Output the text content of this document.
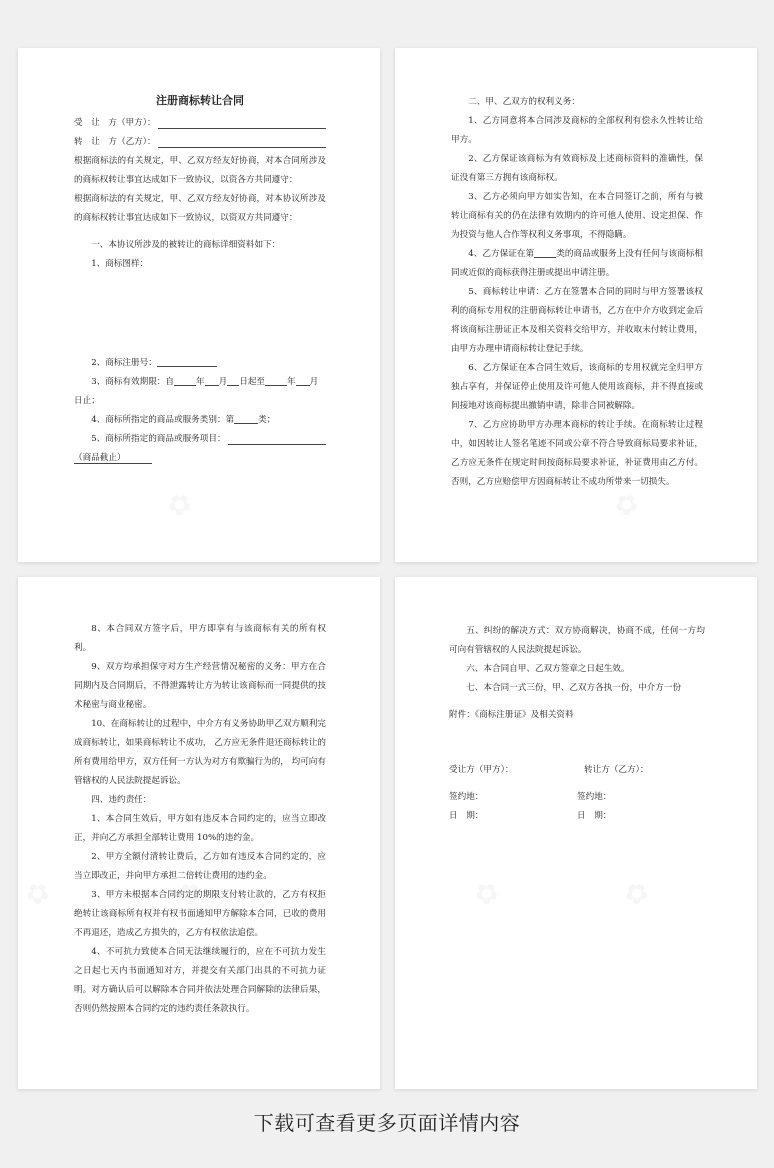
注册商标转让合同
受　让　方（甲方）：
转　让　方（乙方）：
根据商标法的有关规定，甲、乙双方经友好协商，对本合同所涉及的商标权转让事宜达成如下一致协议，以资各方共同遵守：
根据商标法的有关规定，甲、乙双方经友好协商，对本协议所涉及的商标权转让事宜达成如下一致协议，以资双方共同遵守：
一、本协议所涉及的被转让的商标详细资料如下：
1、商标图样：
2、商标注册号：
3、商标有效期限：自	年 月 日起至	年 月
日止；
4、商标所指定的商品或服务类别：第	类；
5、商标所指定的商品或服务项目：
（商品截止）
二、甲、乙双方的权利义务：
1、乙方同意将本合同涉及商标的全部权利有偿永久性转让给甲方。
2、乙方保证该商标为有效商标及上述商标资料的准确性，保证没有第三方拥有该商标权。
3、乙方必须向甲方如实告知，在本合同签订之前，所有与被转让商标有关的仍在法律有效期内的许可他人使用、设定担保、作为投资与他人合作等权利义务事项，不得隐瞒。
4、乙方保证在第	类的商品或服务上没有任何与该商标相同或近似的商标获得注册或提出申请注册。
5、商标转让申请：乙方在签署本合同的同时与甲方签署该权利的商标专用权的注册商标转让申请书，乙方在中介方收到定金后将该商标注册证正本及相关资料交给甲方，并收取未付转让费用，由甲方办理申请商标转让登记手续。
6、乙方保证在本合同生效后，该商标的专用权就完全归甲方独占享有，并保证停止使用及许可他人使用该商标，并不得直接或间接地对该商标提出撤销申请，除非合同被解除。
7、乙方应协助甲方办理本商标的转让手续。在商标转让过程中，如因转让人签名笔迹不同或公章不符合导致商标局要求补证，乙方应无条件在规定时间按商标局要求补证，补证费用由乙方付。否则，乙方应赔偿甲方因商标转让不成功所带来一切损失。
8、本合同双方签字后，甲方即享有与该商标有关的所有权利。
9、双方均承担保守对方生产经营情况秘密的义务：甲方在合同期内及合同期后，不得泄露转让方为转让该商标而一同提供的技术秘密与商业秘密。
10、在商标转让的过程中，中介方有义务协助甲乙双方顺利完成商标转让，如果商标转让不成功， 乙方应无条件退还商标转让的所有费用给甲方，双方任何一方认为对方有欺骗行为的， 均可向有管辖权的人民法院提起诉讼。
四、违约责任：
1、本合同生效后，甲方如有违反本合同约定的，应当立即改正，并向乙方承担全部转让费用 10%的违约金。
2、甲方全额付清转让费后，乙方如有违反本合同约定的，应当立即改正，并向甲方承担二倍转让费用的违约金。
3、甲方未根据本合同约定的期限支付转让款的，乙方有权拒绝转让该商标所有权并有权书面通知甲方解除本合同，已收的费用不再退还，造成乙方损失的，乙方有权依法追偿。
4、不可抗力致使本合同无法继续履行的，应在不可抗力发生之日起七天内书面通知对方，并提交有关部门出具的不可抗力证明。对方确认后可以解除本合同并依法处理合同解除的法律后果，否则仍然按照本合同约定的违约责任条款执行。
五、纠纷的解决方式：双方协商解决，协商不成，任何一方均可向有管辖权的人民法院提起诉讼。
六、本合同自甲、乙双方签章之日起生效。
七、本合同一式三份，甲、乙双方各执一份，中介方一份
附件：《商标注册证》及相关资料
受让方（甲方）：	转让方（乙方）：
签约地：	签约地：
日　期：	日　期：
下载可查看更多页面详情内容
